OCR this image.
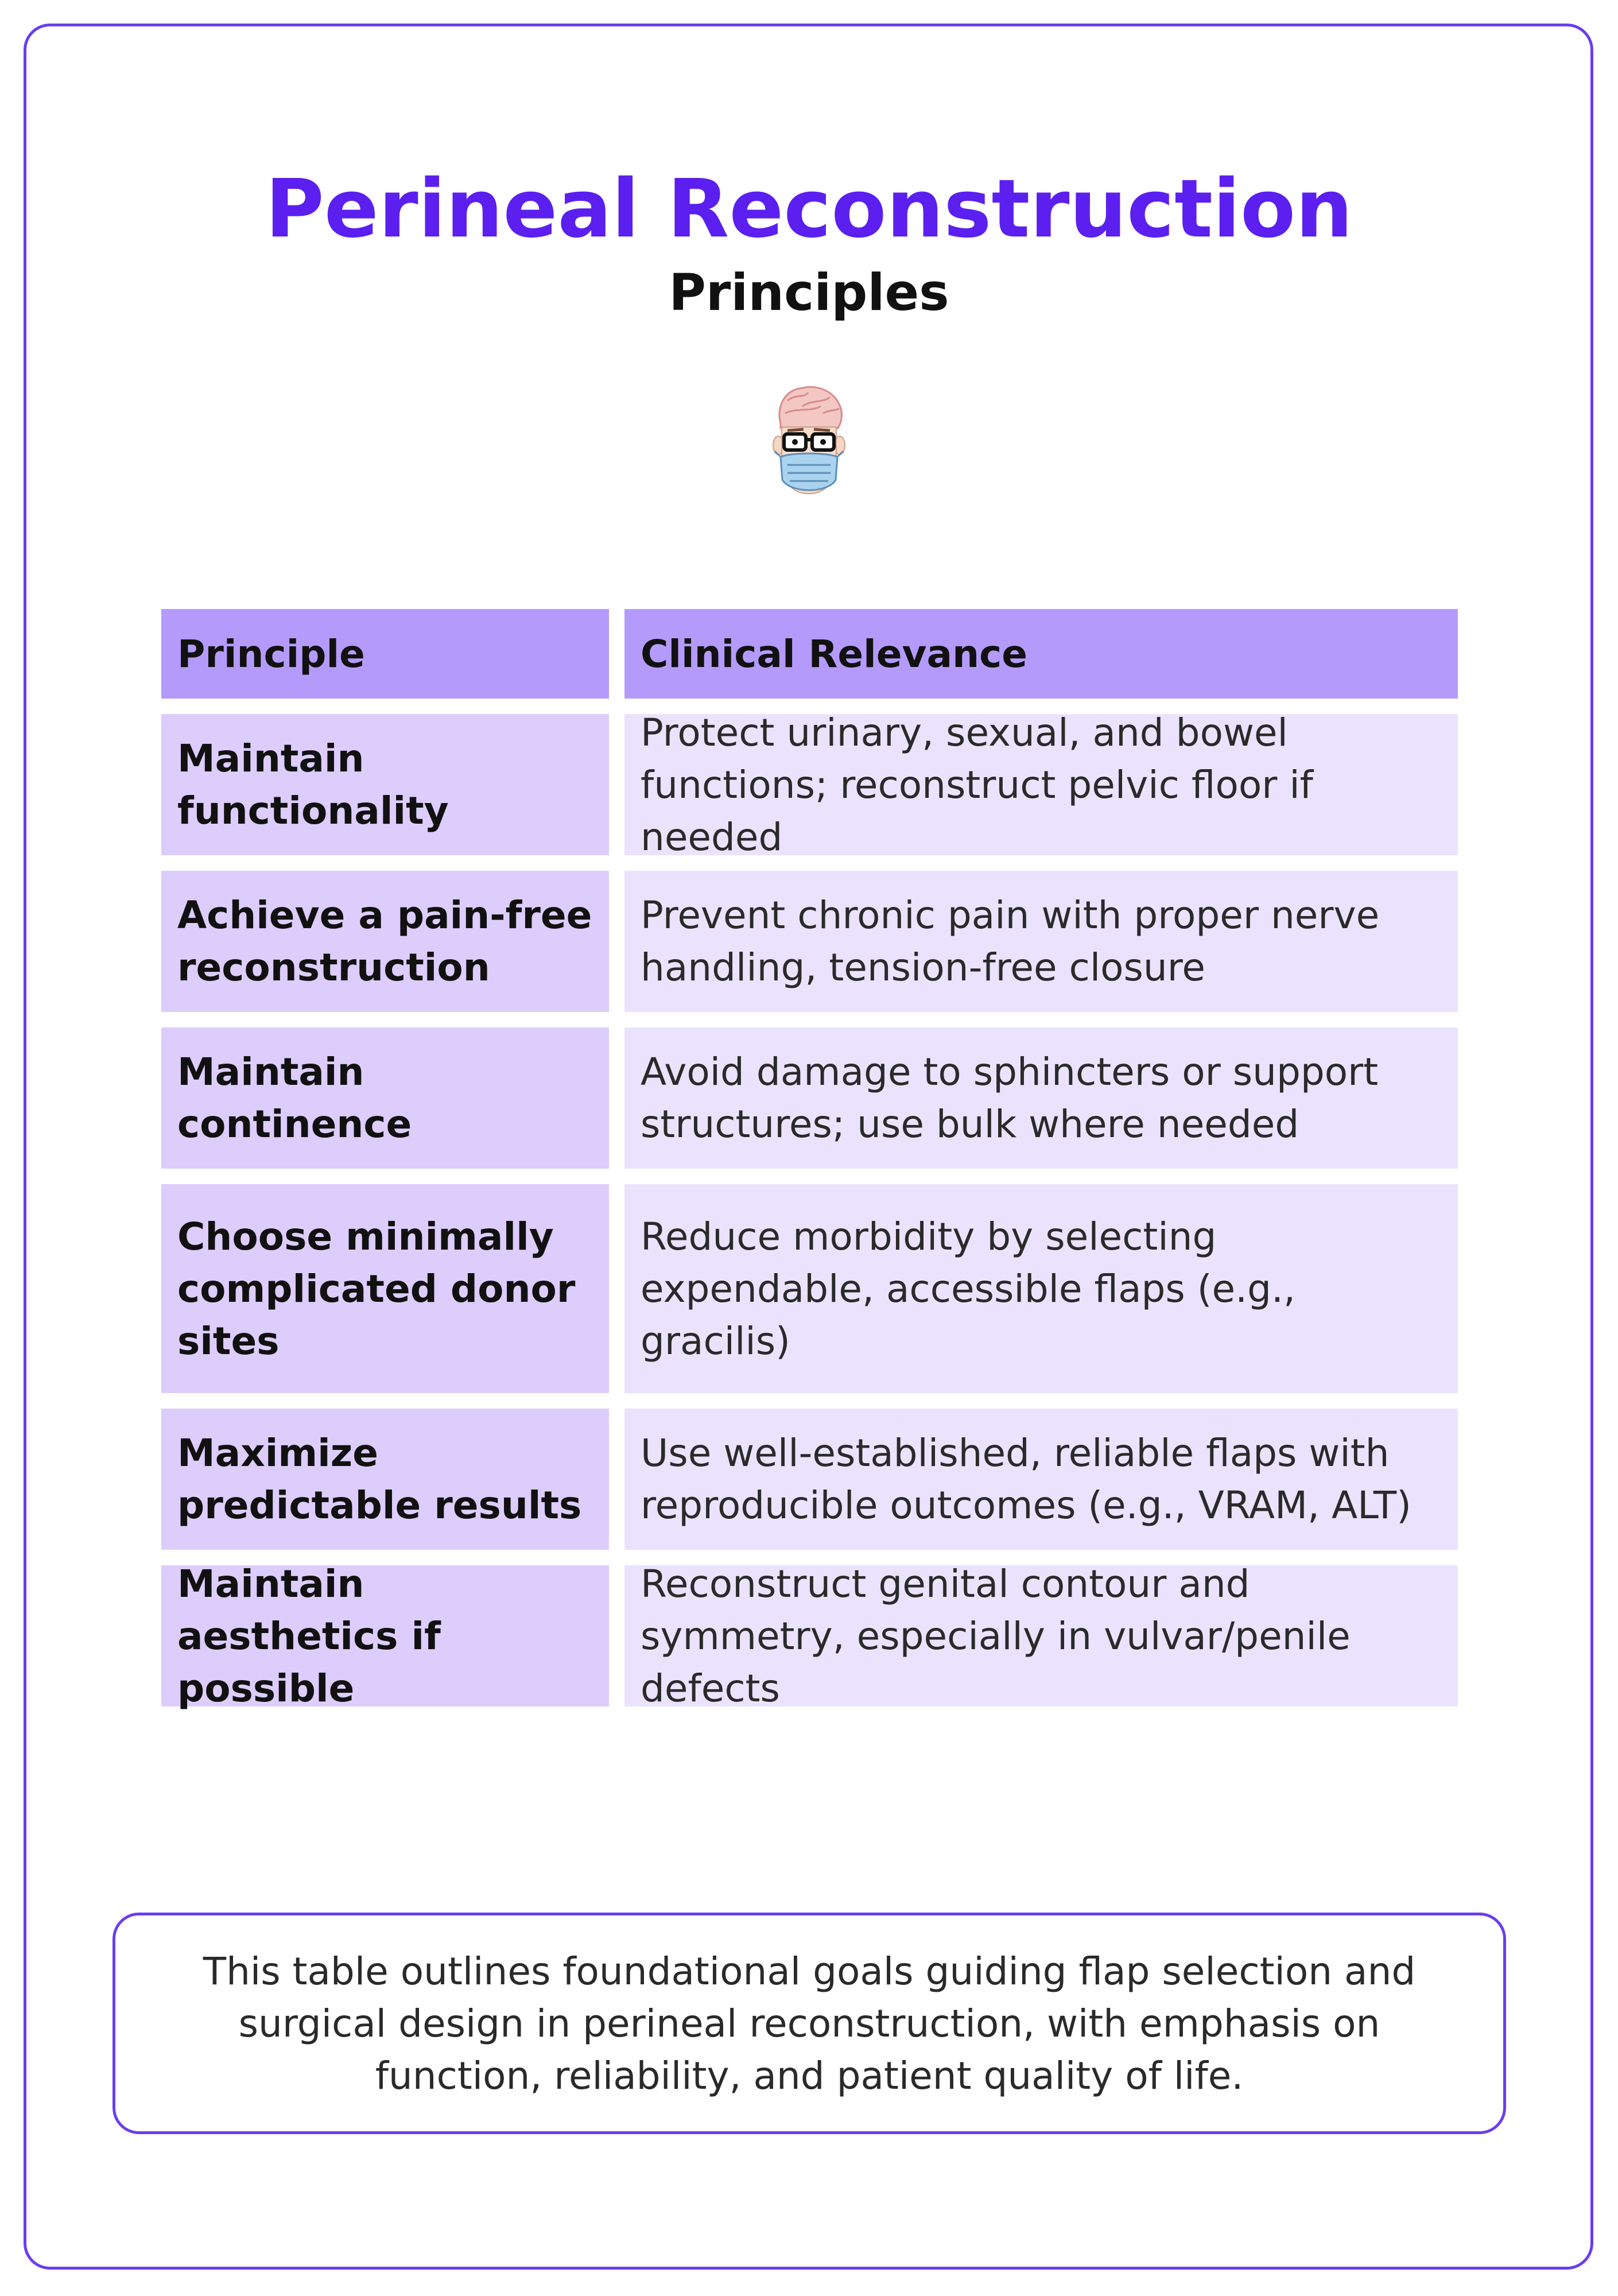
Perineal Reconstruction
Principles
Principle	Clinical Relevance
Maintain functionality
Protect urinary, sexual, and bowel functions; reconstruct pelvic floor if needed
Achieve a pain-free reconstruction
Prevent chronic pain with proper nerve handling, tension-free closure
Maintain continence
Avoid damage to sphincters or support structures; use bulk where needed
Choose minimally complicated donor sites
Reduce morbidity by selecting expendable, accessible flaps (e.g., gracilis)
Maximize predictable results
Use well-established, reliable flaps with reproducible outcomes (e.g., VRAM, ALT)
Maintain aesthetics if possible
Reconstruct genital contour and symmetry, especially in vulvar/penile defects
This table outlines foundational goals guiding flap selection and surgical design in perineal reconstruction, with emphasis on function, reliability, and patient quality of life.
